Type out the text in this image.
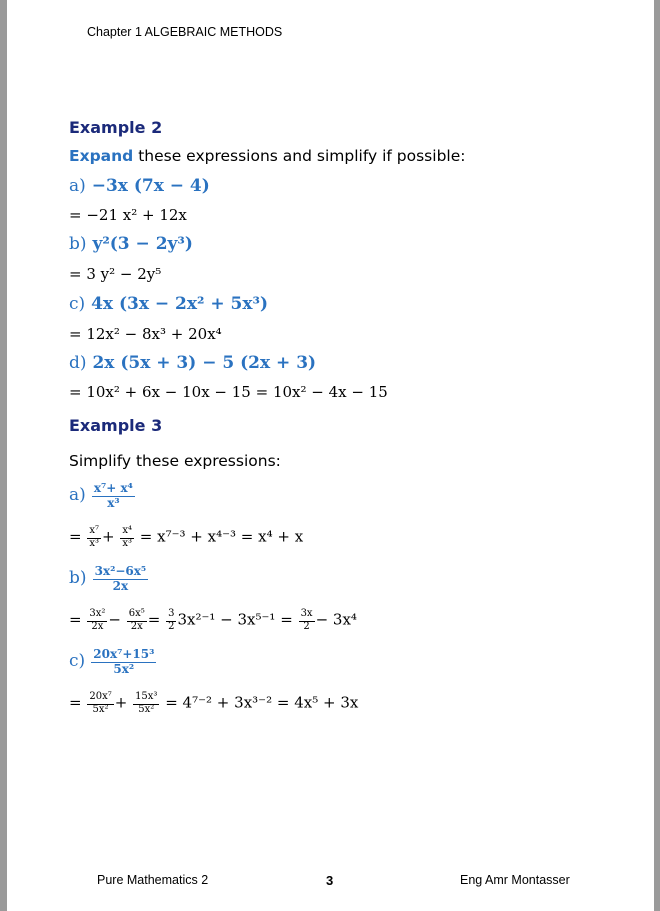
Chapter 1 ALGEBRAIC METHODS
Example 2
Expand these expressions and simplify if possible:
a) −3x (7x − 4)
= −21 x² + 12x
b) y²(3 − 2y³)
= 3 y² − 2y⁵
c) 4x (3x − 2x² + 5x³)
= 12x² − 8x³ + 20x⁴
d) 2x (5x + 3) − 5 (2x + 3)
= 10x² + 6x − 10x − 15 = 10x² − 4x − 15
Example 3
Simplify these expressions:
$a) \frac{\text{x⁷+ x⁴}}{\text{x³}}$
= $\frac{\text{x⁷}}{\text{x³}} + \frac{\text{x⁴}}{\text{x³}} = x^{7-3} + x^{4-3} = x^4 + x$
$b) \frac{\text{3x²−6x⁵}}{2x}$
= $\frac{\text{3x²}}{2x} - \frac{\text{6x⁵}}{2x} = \frac{3}{2} 3x^{2-1} - 3x^{5-1} = \frac{3x}{2} - 3x^4$
$c) \frac{\text{20x⁷+15³}}{\text{5x²}}$
= $\frac{\text{20x⁷}}{\text{5x²}} + \frac{\text{15x³}}{\text{5x²}} = 4^{7-2} + 3x^{3-2} = 4x^5 + 3x$
Pure Mathematics 2	3	Eng Amr Montasser
